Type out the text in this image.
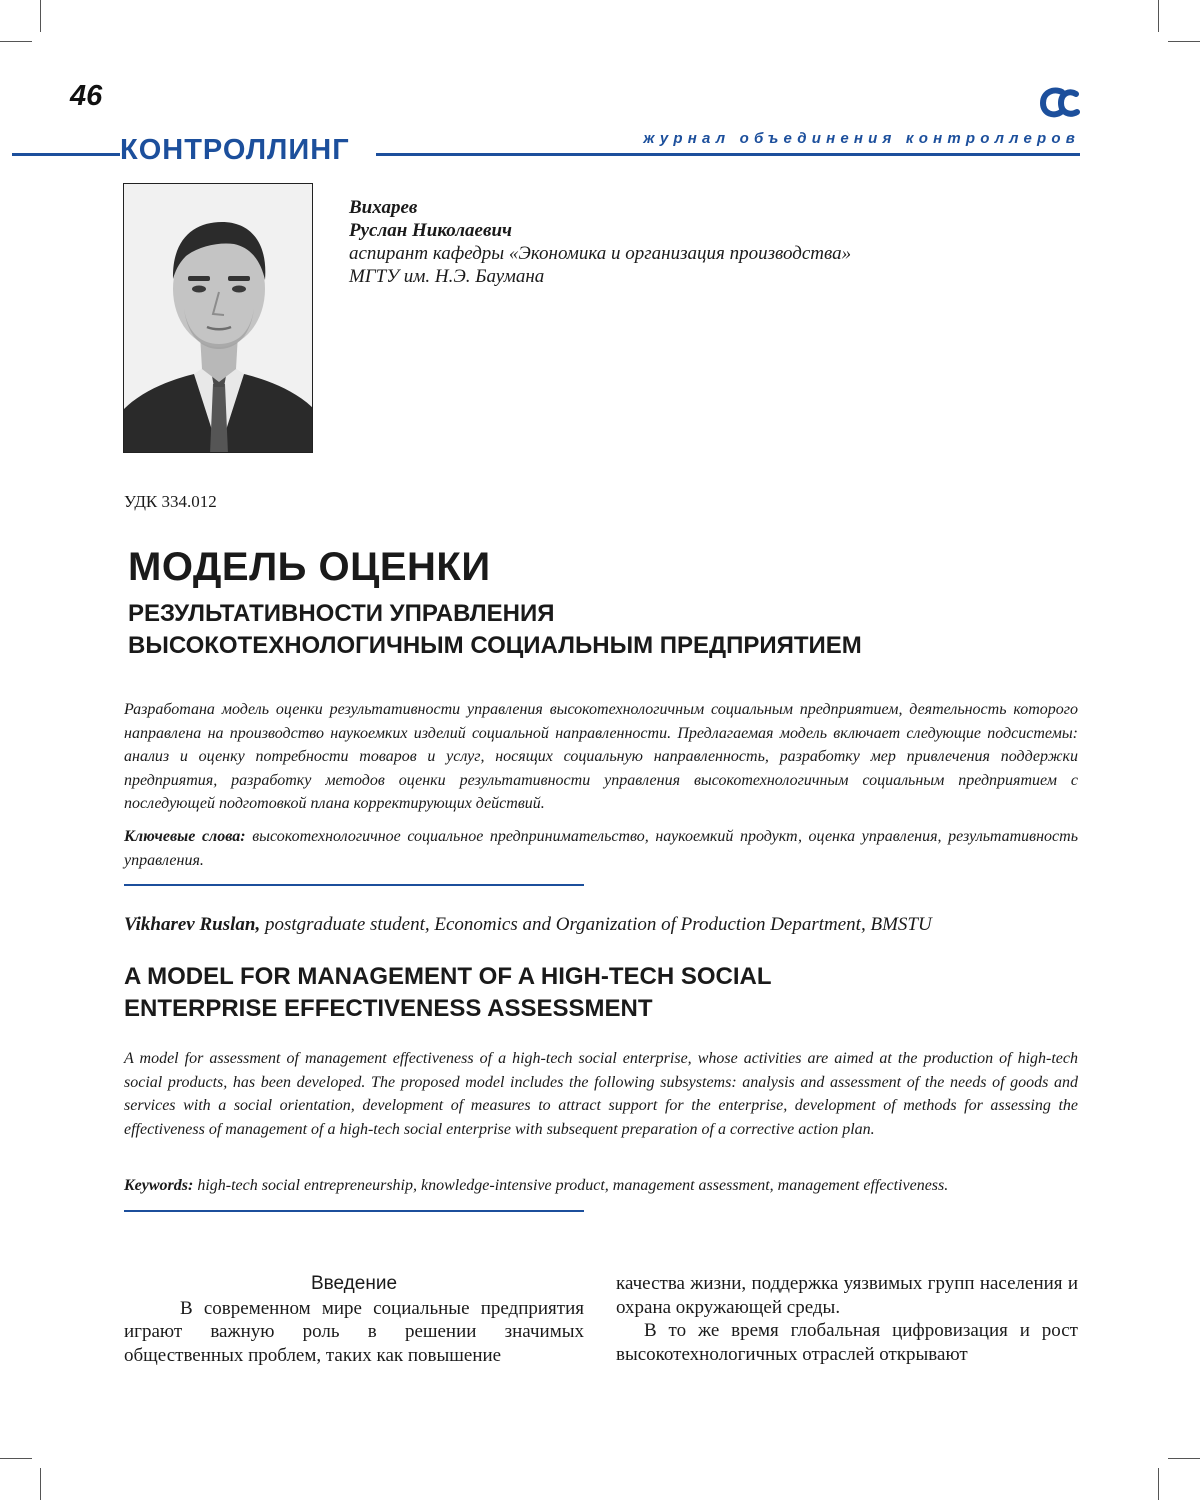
46
КОНТРОЛЛИНГ	журнал объединения контроллеров
Вихарев
Руслан Николаевич
аспирант кафедры «Экономика и организация производства»
МГТУ им. Н.Э. Баумана
УДК 334.012
МОДЕЛЬ ОЦЕНКИ
РЕЗУЛЬТАТИВНОСТИ УПРАВЛЕНИЯ
ВЫСОКОТЕХНОЛОГИЧНЫМ СОЦИАЛЬНЫМ ПРЕДПРИЯТИЕМ
Разработана модель оценки результативности управления высокотехнологичным социальным предприятием, деятельность которого направлена на производство наукоемких изделий социальной направленности. Предлагаемая модель включает следующие подсистемы: анализ и оценку потребности товаров и услуг, носящих социальную направленность, разработку мер привлечения поддержки предприятия, разработку методов оценки результативности управления высокотехнологичным социальным предприятием с последующей подготовкой плана корректирующих действий.
Ключевые слова: высокотехнологичное социальное предпринимательство, наукоемкий продукт, оценка управления, результативность управления.
Vikharev Ruslan, postgraduate student, Economics and Organization of Production Department, BMSTU
A MODEL FOR MANAGEMENT OF A HIGH-TECH SOCIAL
ENTERPRISE EFFECTIVENESS ASSESSMENT
A model for assessment of management effectiveness of a high-tech social enterprise, whose activities are aimed at the production of high-tech social products, has been developed. The proposed model includes the following subsystems: analysis and assessment of the needs of goods and services with a social orientation, development of measures to attract support for the enterprise, development of methods for assessing the effectiveness of management of a high-tech social enterprise with subsequent preparation of a corrective action plan.
Keywords: high-tech social entrepreneurship, knowledge-intensive product, management assessment, management effectiveness.
Введение
В современном мире социальные предприятия играют важную роль в решении значимых общественных проблем, таких как повышение
качества жизни, поддержка уязвимых групп населения и охрана окружающей среды.
В то же время глобальная цифровизация и рост высокотехнологичных отраслей открывают
